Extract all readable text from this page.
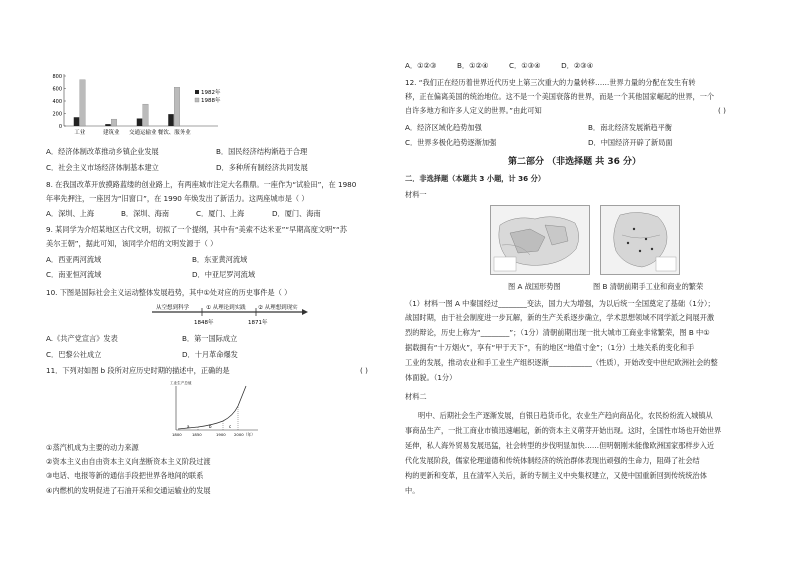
800
600
400
200
0
工业	建筑业 交通运输业 餐饮、服务业
1982年
1988年
A．经济体制改革推动乡镇企业发展	B．国民经济结构渐趋于合理
C．社会主义市场经济体制基本建立	D．多种所有制经济共同发展
8. 在我国改革开放摸路蓝缕的创业路上，有两座城市注定大名鼎鼎。一座作为“试验田”，在 1980
年率先押注，一座因为“旧窗口”，在 1990 年焕发出了新活力。这两座城市是（ ）
A．深圳、上海	B．深圳、海南	C．厦门、上海	D．厦门、海南
9. 某同学为介绍某地区古代文明，切拟了一个提纲，其中有“美索不达米亚”“早期高度文明”“苏
美尔王朝”，据此可知，该同学介绍的文明发源于（ ）
A．西亚两河流域	B．东亚黄河流域
C．南亚恒河流域	D．中亚尼罗河流域
10. 下图是国际社会主义运动整体发展趋势，其中①处对应的历史事件是（ ）
从空想到科学	① 从理论到实践 ② 从理想到现实
1848年	1871年
A.《共产党宣言》发表	B．第一国际成立
C．巴黎公社成立	D．十月革命爆发
11．下列对如图 b 段所对应历史时期的描述中，正确的是	( )
工业生产总值
a	b	c
1800	1850	1900 2000（年）
①蒸汽机成为主要的动力来源
②资本主义由自由资本主义向垄断资本主义阶段过渡
③电话、电报等新的通信手段把世界各地间的联系
④内燃机的发明促进了石油开采和交通运输业的发展
A．①②③         B．①②④         C．①③④         D．②③④
12. “我们正在经历着世界近代历史上第三次重大的力量转移……世界力量的分配在发生有转
移，正在偏离美国的统治地位。这不是一个美国衰落的世界，而是一个其他国家崛起的世界，一个
自许多地方和许多人定义的世界。”由此可知	( )
A．经济区域化趋势加强	B．南北经济发展渐趋平衡
C．世界多极化趋势逐渐加强	D．中国经济开辟了新局面
第二部分 （非选择题 共 36 分）
二．非选择题（本题共 3 小题，计 36 分）
材料一
图 A 战国形势图	图 B 清朝前期手工业和商业的繁荣
（1）材料一图 A 中秦国经过________变法，国力大为增强，为以后统一全国奠定了基础（1分）；
战国时期，由于社会制度进一步瓦解，新的生产关系逐步确立，学术思想领域不同学派之间展开激
烈的辩论，历史上称为“________”；（1分）清朝前期出现一批大城市工商业非常繁荣，图 B 中①
据载拥有“十万烟火”，享有“甲于天下”，有的地区“地值寸金”；（1分）土地关系的变化和手
工业的发展，推动农业和手工业生产组织逐渐____________（性质），开始改变中世纪欧洲社会的整
体面貌。（1分）
材料二
明中、后期社会生产逐渐发展，自银日趋货币化，农业生产趋向商品化，农民纷纷流入城镇从
事商品生产，一批工商业市镇迅速崛起，新的资本主义萌芽开始出现。这时，全国性市场也开始世界
延伸，私人海外贸易发展迅猛，社会转型的步伐明显加快……但明朝刚未能像欧洲国家那样步入近
代化发展阶段，儒家伦理道德和传统体制经济的统治群体表现出顽强的生命力，阻碍了社会结
构的更新和变革，且在清军入关后，新的专制主义中央集权建立，又使中国重新回到传统统治体
中。
